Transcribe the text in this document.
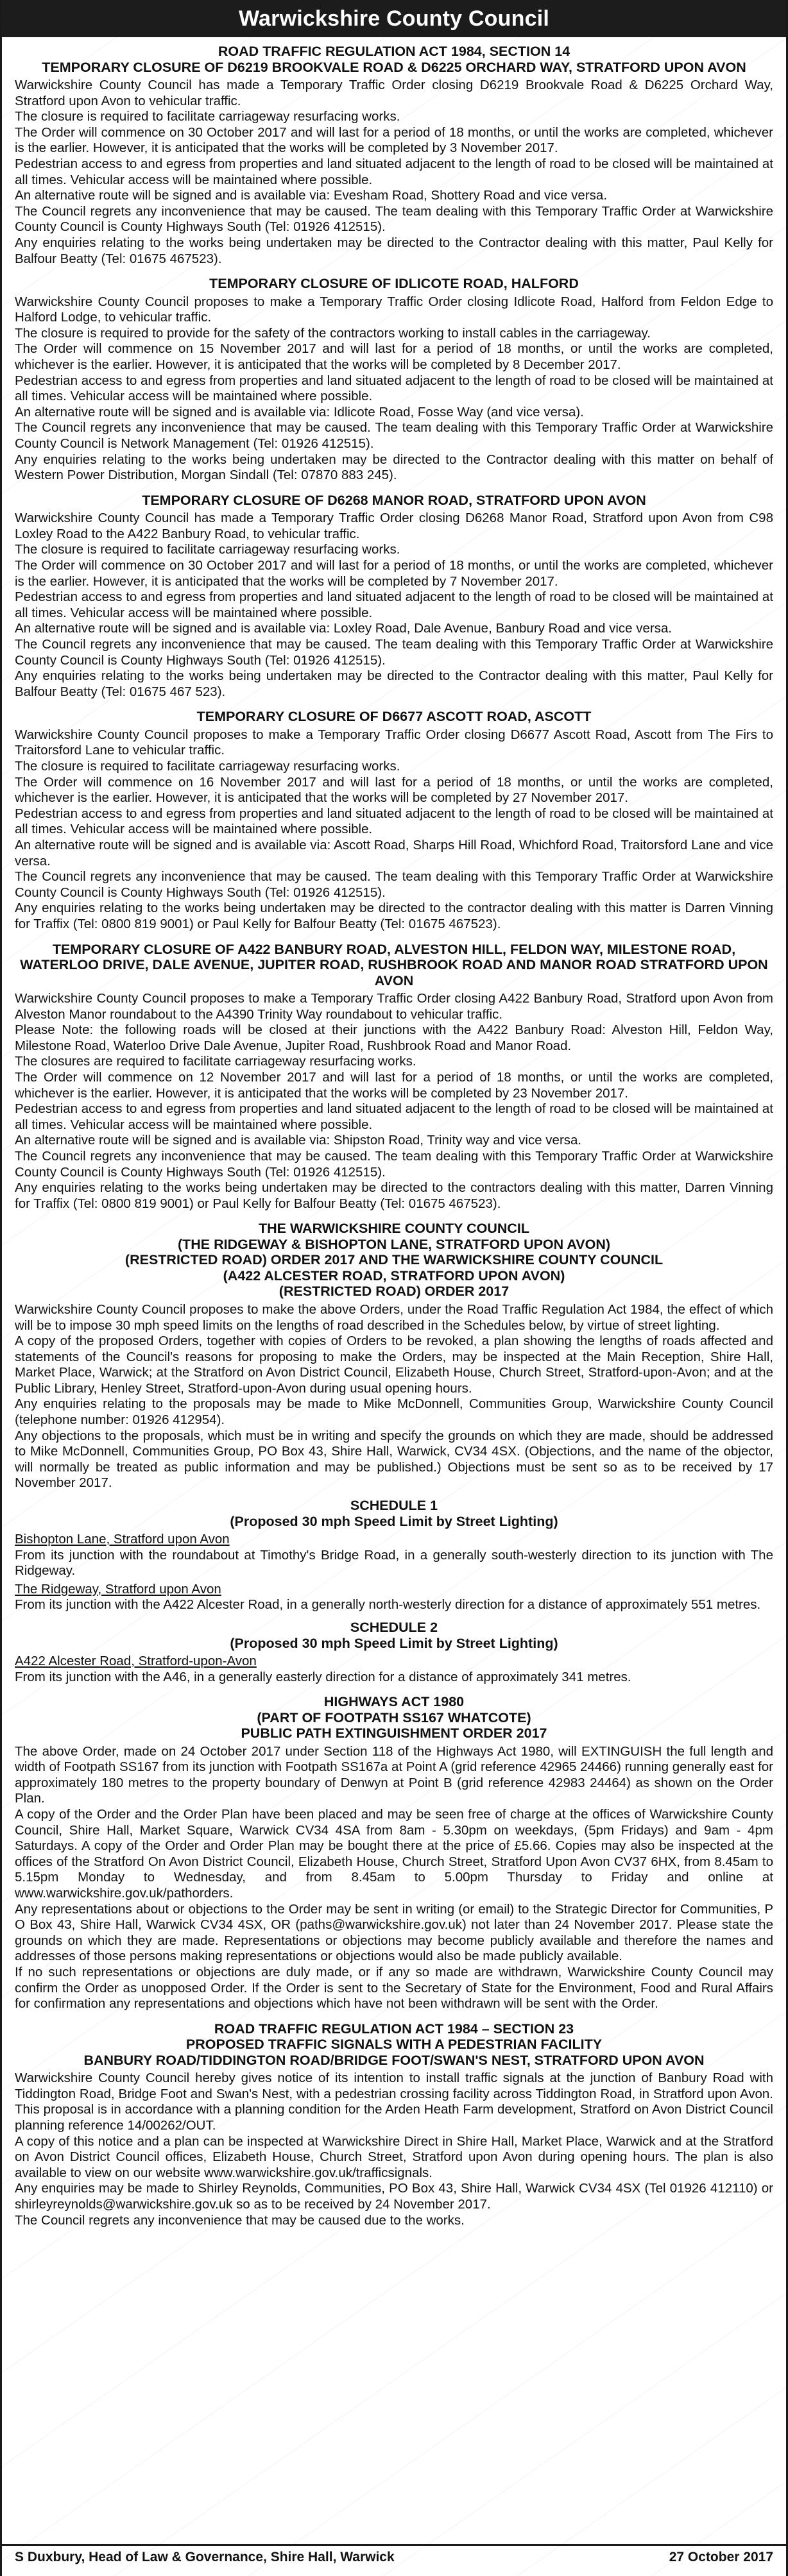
Warwickshire County Council
ROAD TRAFFIC REGULATION ACT 1984, SECTION 14
TEMPORARY CLOSURE OF D6219 BROOKVALE ROAD & D6225 ORCHARD WAY, STRATFORD UPON AVON

Warwickshire County Council has made a Temporary Traffic Order closing D6219 Brookvale Road & D6225 Orchard Way, Stratford upon Avon to vehicular traffic.

The closure is required to facilitate carriageway resurfacing works.

The Order will commence on 30 October 2017 and will last for a period of 18 months, or until the works are completed, whichever is the earlier. However, it is anticipated that the works will be completed by 3 November 2017.

Pedestrian access to and egress from properties and land situated adjacent to the length of road to be closed will be maintained at all times. Vehicular access will be maintained where possible.

An alternative route will be signed and is available via: Evesham Road, Shottery Road and vice versa.

The Council regrets any inconvenience that may be caused. The team dealing with this Temporary Traffic Order at Warwickshire County Council is County Highways South (Tel: 01926 412515).

Any enquiries relating to the works being undertaken may be directed to the Contractor dealing with this matter, Paul Kelly for Balfour Beatty (Tel: 01675 467523).

TEMPORARY CLOSURE OF IDLICOTE ROAD, HALFORD

Warwickshire County Council proposes to make a Temporary Traffic Order closing Idlicote Road, Halford from Feldon Edge to Halford Lodge, to vehicular traffic.

The closure is required to provide for the safety of the contractors working to install cables in the carriageway.

The Order will commence on 15 November 2017 and will last for a period of 18 months, or until the works are completed, whichever is the earlier. However, it is anticipated that the works will be completed by 8 December 2017.

Pedestrian access to and egress from properties and land situated adjacent to the length of road to be closed will be maintained at all times. Vehicular access will be maintained where possible.

An alternative route will be signed and is available via: Idlicote Road, Fosse Way (and vice versa).

The Council regrets any inconvenience that may be caused. The team dealing with this Temporary Traffic Order at Warwickshire County Council is Network Management (Tel: 01926 412515).

Any enquiries relating to the works being undertaken may be directed to the Contractor dealing with this matter on behalf of Western Power Distribution, Morgan Sindall (Tel: 07870 883 245).

TEMPORARY CLOSURE OF D6268 MANOR ROAD, STRATFORD UPON AVON

Warwickshire County Council has made a Temporary Traffic Order closing D6268 Manor Road, Stratford upon Avon from C98 Loxley Road to the A422 Banbury Road, to vehicular traffic.

The closure is required to facilitate carriageway resurfacing works.

The Order will commence on 30 October 2017 and will last for a period of 18 months, or until the works are completed, whichever is the earlier. However, it is anticipated that the works will be completed by 7 November 2017.

Pedestrian access to and egress from properties and land situated adjacent to the length of road to be closed will be maintained at all times. Vehicular access will be maintained where possible.

An alternative route will be signed and is available via: Loxley Road, Dale Avenue, Banbury Road and vice versa.

The Council regrets any inconvenience that may be caused. The team dealing with this Temporary Traffic Order at Warwickshire County Council is County Highways South (Tel: 01926 412515).

Any enquiries relating to the works being undertaken may be directed to the Contractor dealing with this matter, Paul Kelly for Balfour Beatty (Tel: 01675 467 523).

TEMPORARY CLOSURE OF D6677 ASCOTT ROAD, ASCOTT

Warwickshire County Council proposes to make a Temporary Traffic Order closing D6677 Ascott Road, Ascott from The Firs to Traitorsford Lane to vehicular traffic.

The closure is required to facilitate carriageway resurfacing works.

The Order will commence on 16 November 2017 and will last for a period of 18 months, or until the works are completed, whichever is the earlier. However, it is anticipated that the works will be completed by 27 November 2017.

Pedestrian access to and egress from properties and land situated adjacent to the length of road to be closed will be maintained at all times. Vehicular access will be maintained where possible.

An alternative route will be signed and is available via: Ascott Road, Sharps Hill Road, Whichford Road, Traitorsford Lane and vice versa.

The Council regrets any inconvenience that may be caused. The team dealing with this Temporary Traffic Order at Warwickshire County Council is County Highways South (Tel: 01926 412515).

Any enquiries relating to the works being undertaken may be directed to the contractor dealing with this matter is Darren Vinning for Traffix (Tel: 0800 819 9001) or Paul Kelly for Balfour Beatty (Tel: 01675 467523).

TEMPORARY CLOSURE OF A422 BANBURY ROAD, ALVESTON HILL, FELDON WAY, MILESTONE ROAD, WATERLOO DRIVE, DALE AVENUE, JUPITER ROAD, RUSHBROOK ROAD AND MANOR ROAD STRATFORD UPON AVON

Warwickshire County Council proposes to make a Temporary Traffic Order closing A422 Banbury Road, Stratford upon Avon from Alveston Manor roundabout to the A4390 Trinity Way roundabout to vehicular traffic.

Please Note: the following roads will be closed at their junctions with the A422 Banbury Road: Alveston Hill, Feldon Way, Milestone Road, Waterloo Drive Dale Avenue, Jupiter Road, Rushbrook Road and Manor Road.

The closures are required to facilitate carriageway resurfacing works.

The Order will commence on 12 November 2017 and will last for a period of 18 months, or until the works are completed, whichever is the earlier. However, it is anticipated that the works will be completed by 23 November 2017.

Pedestrian access to and egress from properties and land situated adjacent to the length of road to be closed will be maintained at all times. Vehicular access will be maintained where possible.

An alternative route will be signed and is available via: Shipston Road, Trinity way and vice versa.

The Council regrets any inconvenience that may be caused. The team dealing with this Temporary Traffic Order at Warwickshire County Council is County Highways South (Tel: 01926 412515).

Any enquiries relating to the works being undertaken may be directed to the contractors dealing with this matter, Darren Vinning for Traffix (Tel: 0800 819 9001) or Paul Kelly for Balfour Beatty (Tel: 01675 467523).

THE WARWICKSHIRE COUNTY COUNCIL
(THE RIDGEWAY & BISHOPTON LANE, STRATFORD UPON AVON)
(RESTRICTED ROAD) ORDER 2017 AND THE WARWICKSHIRE COUNTY COUNCIL
(A422 ALCESTER ROAD, STRATFORD UPON AVON)
(RESTRICTED ROAD) ORDER 2017

Warwickshire County Council proposes to make the above Orders, under the Road Traffic Regulation Act 1984, the effect of which will be to impose 30 mph speed limits on the lengths of road described in the Schedules below, by virtue of street lighting.

A copy of the proposed Orders, together with copies of Orders to be revoked, a plan showing the lengths of roads affected and statements of the Council's reasons for proposing to make the Orders, may be inspected at the Main Reception, Shire Hall, Market Place, Warwick; at the Stratford on Avon District Council, Elizabeth House, Church Street, Stratford-upon-Avon; and at the Public Library, Henley Street, Stratford-upon-Avon during usual opening hours.

Any enquiries relating to the proposals may be made to Mike McDonnell, Communities Group, Warwickshire County Council (telephone number: 01926 412954).

Any objections to the proposals, which must be in writing and specify the grounds on which they are made, should be addressed to Mike McDonnell, Communities Group, PO Box 43, Shire Hall, Warwick, CV34 4SX. (Objections, and the name of the objector, will normally be treated as public information and may be published.) Objections must be sent so as to be received by 17 November 2017.

SCHEDULE 1
(Proposed 30 mph Speed Limit by Street Lighting)

Bishopton Lane, Stratford upon Avon

From its junction with the roundabout at Timothy's Bridge Road, in a generally south-westerly direction to its junction with The Ridgeway.

The Ridgeway, Stratford upon Avon

From its junction with the A422 Alcester Road, in a generally north-westerly direction for a distance of approximately 551 metres.

SCHEDULE 2
(Proposed 30 mph Speed Limit by Street Lighting)

A422 Alcester Road, Stratford-upon-Avon

From its junction with the A46, in a generally easterly direction for a distance of approximately 341 metres.

HIGHWAYS ACT 1980
(PART OF FOOTPATH SS167 WHATCOTE)
PUBLIC PATH EXTINGUISHMENT ORDER 2017

The above Order, made on 24 October 2017 under Section 118 of the Highways Act 1980, will EXTINGUISH the full length and width of Footpath SS167 from its junction with Footpath SS167a at Point A (grid reference 42965 24466) running generally east for approximately 180 metres to the property boundary of Denwyn at Point B (grid reference 42983 24464) as shown on the Order Plan.

A copy of the Order and the Order Plan have been placed and may be seen free of charge at the offices of Warwickshire County Council, Shire Hall, Market Square, Warwick CV34 4SA from 8am - 5.30pm on weekdays, (5pm Fridays) and 9am - 4pm Saturdays. A copy of the Order and Order Plan may be bought there at the price of £5.66. Copies may also be inspected at the offices of the Stratford On Avon District Council, Elizabeth House, Church Street, Stratford Upon Avon CV37 6HX, from 8.45am to 5.15pm Monday to Wednesday, and from 8.45am to 5.00pm Thursday to Friday and online at www.warwickshire.gov.uk/pathorders.

Any representations about or objections to the Order may be sent in writing (or email) to the Strategic Director for Communities, P O Box 43, Shire Hall, Warwick CV34 4SX, OR (paths@warwickshire.gov.uk) not later than 24 November 2017. Please state the grounds on which they are made. Representations or objections may become publicly available and therefore the names and addresses of those persons making representations or objections would also be made publicly available.

If no such representations or objections are duly made, or if any so made are withdrawn, Warwickshire County Council may confirm the Order as unopposed Order. If the Order is sent to the Secretary of State for the Environment, Food and Rural Affairs for confirmation any representations and objections which have not been withdrawn will be sent with the Order.

ROAD TRAFFIC REGULATION ACT 1984 – SECTION 23
PROPOSED TRAFFIC SIGNALS WITH A PEDESTRIAN FACILITY
BANBURY ROAD/TIDDINGTON ROAD/BRIDGE FOOT/SWAN'S NEST, STRATFORD UPON AVON

Warwickshire County Council hereby gives notice of its intention to install traffic signals at the junction of Banbury Road with Tiddington Road, Bridge Foot and Swan's Nest, with a pedestrian crossing facility across Tiddington Road, in Stratford upon Avon. This proposal is in accordance with a planning condition for the Arden Heath Farm development, Stratford on Avon District Council planning reference 14/00262/OUT.

A copy of this notice and a plan can be inspected at Warwickshire Direct in Shire Hall, Market Place, Warwick and at the Stratford on Avon District Council offices, Elizabeth House, Church Street, Stratford upon Avon during opening hours. The plan is also available to view on our website www.warwickshire.gov.uk/trafficsignals.

Any enquiries may be made to Shirley Reynolds, Communities, PO Box 43, Shire Hall, Warwick CV34 4SX (Tel 01926 412110) or shirleyreynolds@warwickshire.gov.uk so as to be received by 24 November 2017.

The Council regrets any inconvenience that may be caused due to the works.

S Duxbury, Head of Law & Governance, Shire Hall, Warwick	27 October 2017
